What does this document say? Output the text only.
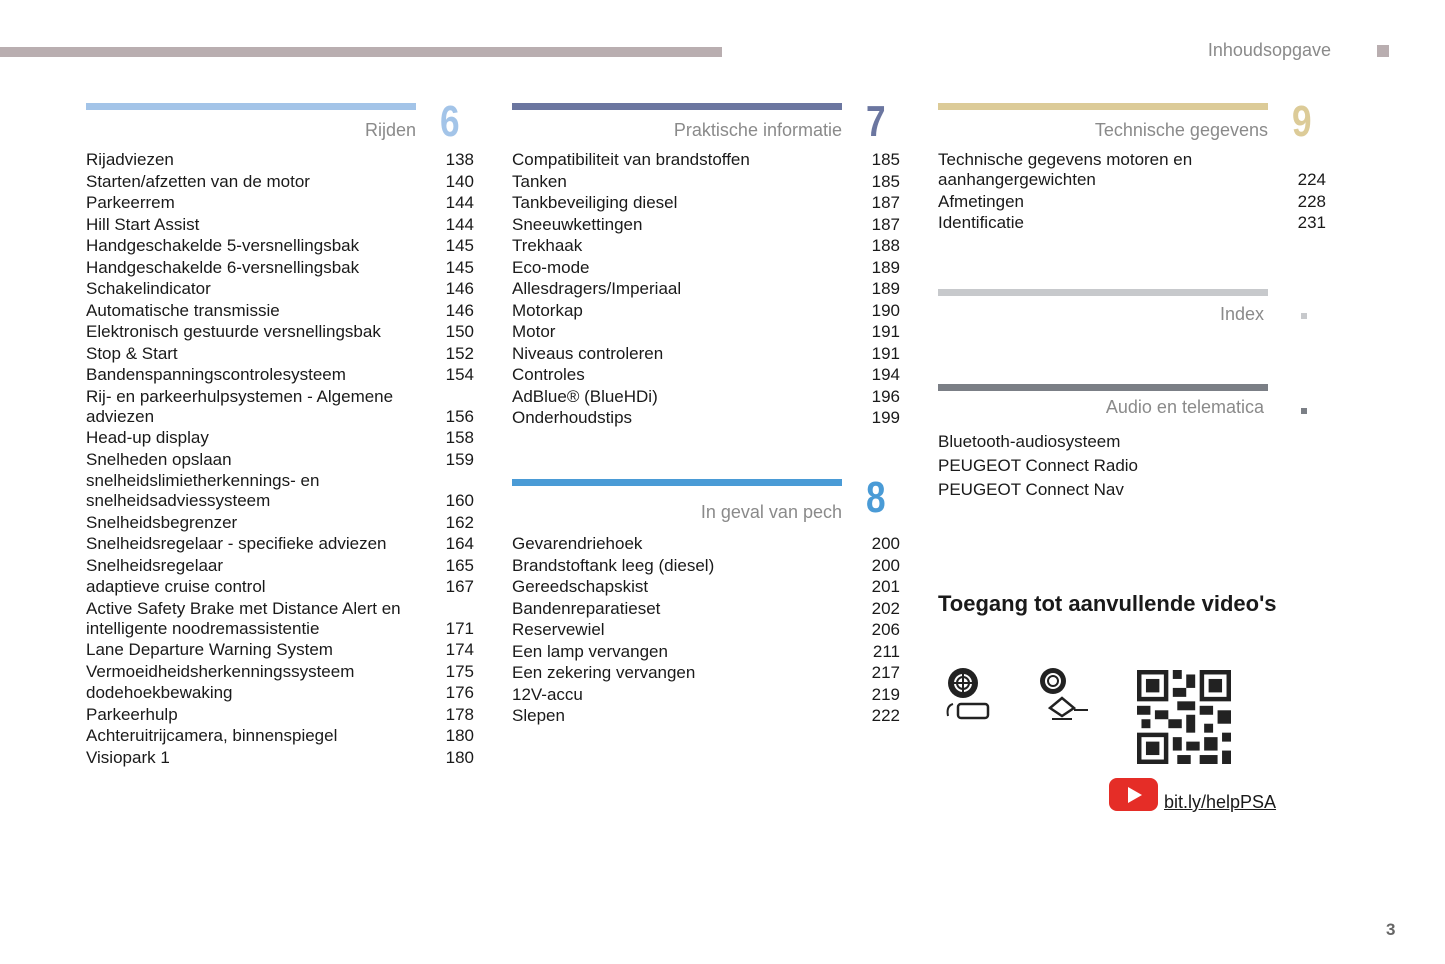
Inhoudsopgave
Rijden 6
Rijadviezen	138
Starten/afzetten van de motor	140
Parkeerrem	144
Hill Start Assist	144
Handgeschakelde 5-versnellingsbak	145
Handgeschakelde 6-versnellingsbak	145
Schakelindicator	146
Automatische transmissie	146
Elektronisch gestuurde versnellingsbak	150
Stop & Start	152
Bandenspanningscontrolesysteem	154
Rij- en parkeerhulpsystemen - Algemene
adviezen	156
Head-up display	158
Snelheden opslaan	159
snelheidslimietherkennings- en
snelheidsadviessysteem	160
Snelheidsbegrenzer	162
Snelheidsregelaar - specifieke adviezen	164
Snelheidsregelaar	165
adaptieve cruise control	167
Active Safety Brake met Distance Alert en
intelligente noodremassistentie	171
Lane Departure Warning System	174
Vermoeidheidsherkenningssysteem	175
dodehoekbewaking	176
Parkeerhulp	178
Achteruitrijcamera, binnenspiegel	180
Visiopark 1	180
Praktische informatie 7
Compatibiliteit van brandstoffen	185
Tanken	185
Tankbeveiliging diesel	187
Sneeuwkettingen	187
Trekhaak	188
Eco-mode	189
Allesdragers/Imperiaal	189
Motorkap	190
Motor	191
Niveaus controleren	191
Controles	194
AdBlue® (BlueHDi)	196
Onderhoudstips	199
In geval van pech 8
Gevarendriehoek	200
Brandstoftank leeg (diesel)	200
Gereedschapskist	201
Bandenreparatieset	202
Reservewiel	206
Een lamp vervangen	211
Een zekering vervangen	217
12V-accu	219
Slepen	222
Technische gegevens 9
Technische gegevens motoren en
aanhangergewichten	224
Afmetingen	228
Identificatie	231
Index
Audio en telematica
Bluetooth-audiosysteem
PEUGEOT Connect Radio
PEUGEOT Connect Nav
Toegang tot aanvullende video's
bit.ly/helpPSA
3
